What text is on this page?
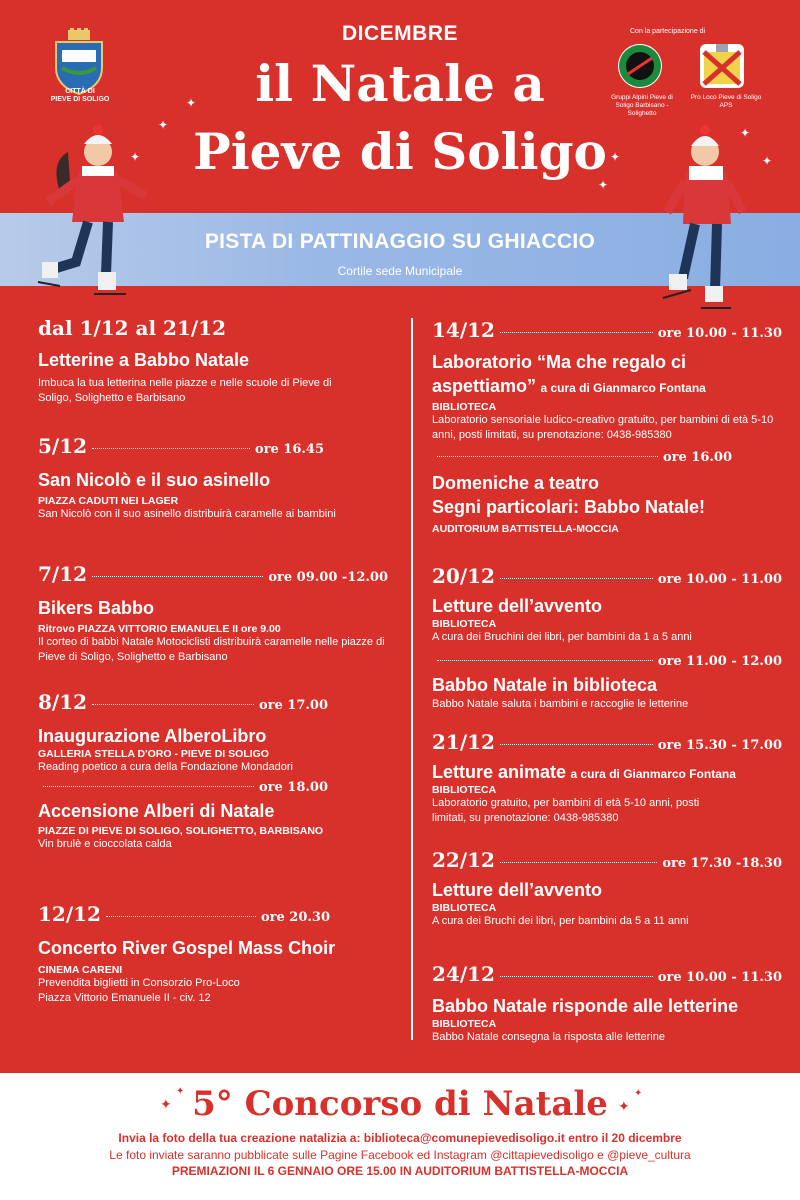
CITTÀ DI
PIEVE DI SOLIGO
DICEMBRE
il Natale a
Pieve di Soligo
Con la partecipazione di
Gruppi Alpini Pieve di Soligo Barbisano - Solighetto
Pro Loco Pieve di Soligo APS
✦
✦
✦
✦
✦
✦
✦
PISTA DI PATTINAGGIO SU GHIACCIO
Cortile sede Municipale
dal 1/12 al 21/12
Letterine a Babbo Natale
Imbuca la tua letterina nelle piazze e nelle scuole di Pieve di Soligo, Solighetto e Barbisano
5/12	ore 16.45
San Nicolò e il suo asinello
PIAZZA CADUTI NEI LAGER
San Nicolò con il suo asinello distribuirà caramelle ai bambini
7/12	ore 09.00 -12.00
Bikers Babbo
Ritrovo PIAZZA VITTORIO EMANUELE II ore 9.00
Il corteo di babbi Natale Motociclisti distribuirà caramelle nelle piazze di Pieve di Soligo, Solighetto e Barbisano
8/12	ore 17.00
Inaugurazione AlberoLibro
GALLERIA STELLA D'ORO - PIEVE DI SOLIGO
Reading poetico a cura della Fondazione Mondadori
ore 18.00
Accensione Alberi di Natale
PIAZZE DI PIEVE DI SOLIGO, SOLIGHETTO, BARBISANO
Vin brulè e cioccolata calda
12/12	ore 20.30
Concerto River Gospel Mass Choir
CINEMA CARENI
Prevendita biglietti in Consorzio Pro-Loco
Piazza Vittorio Emanuele II - civ. 12
14/12	ore 10.00 - 11.30
Laboratorio “Ma che regalo ci
aspettiamo” a cura di Gianmarco Fontana
BIBLIOTECA
Laboratorio sensoriale ludico-creativo gratuito, per bambini di età 5-10 anni, posti limitati, su prenotazione: 0438-985380
ore 16.00
Domeniche a teatro
Segni particolari: Babbo Natale!
AUDITORIUM BATTISTELLA-MOCCIA
20/12	ore 10.00 - 11.00
Letture dell’avvento
BIBLIOTECA
A cura dei Bruchini dei libri, per bambini da 1 a 5 anni
ore 11.00 - 12.00
Babbo Natale in biblioteca
Babbo Natale saluta i bambini e raccoglie le letterine
21/12	ore 15.30 - 17.00
Letture animate a cura di Gianmarco Fontana
BIBLIOTECA
Laboratorio gratuito, per bambini di età 5-10 anni, posti limitati, su prenotazione: 0438-985380
22/12	ore 17.30 -18.30
Letture dell’avvento
BIBLIOTECA
A cura dei Bruchi dei libri, per bambini da 5 a 11 anni
24/12	ore 10.00 - 11.30
Babbo Natale risponde alle letterine
BIBLIOTECA
Babbo Natale consegna la risposta alle letterine
✦
✦
✦
✦
5° Concorso di Natale
Invia la foto della tua creazione natalizia a: biblioteca@comunepievedisoligo.it entro il 20 dicembre
Le foto inviate saranno pubblicate sulle Pagine Facebook ed Instagram @cittapievedisoligo e @pieve_cultura
PREMIAZIONI IL 6 GENNAIO ORE 15.00 IN AUDITORIUM BATTISTELLA-MOCCIA
